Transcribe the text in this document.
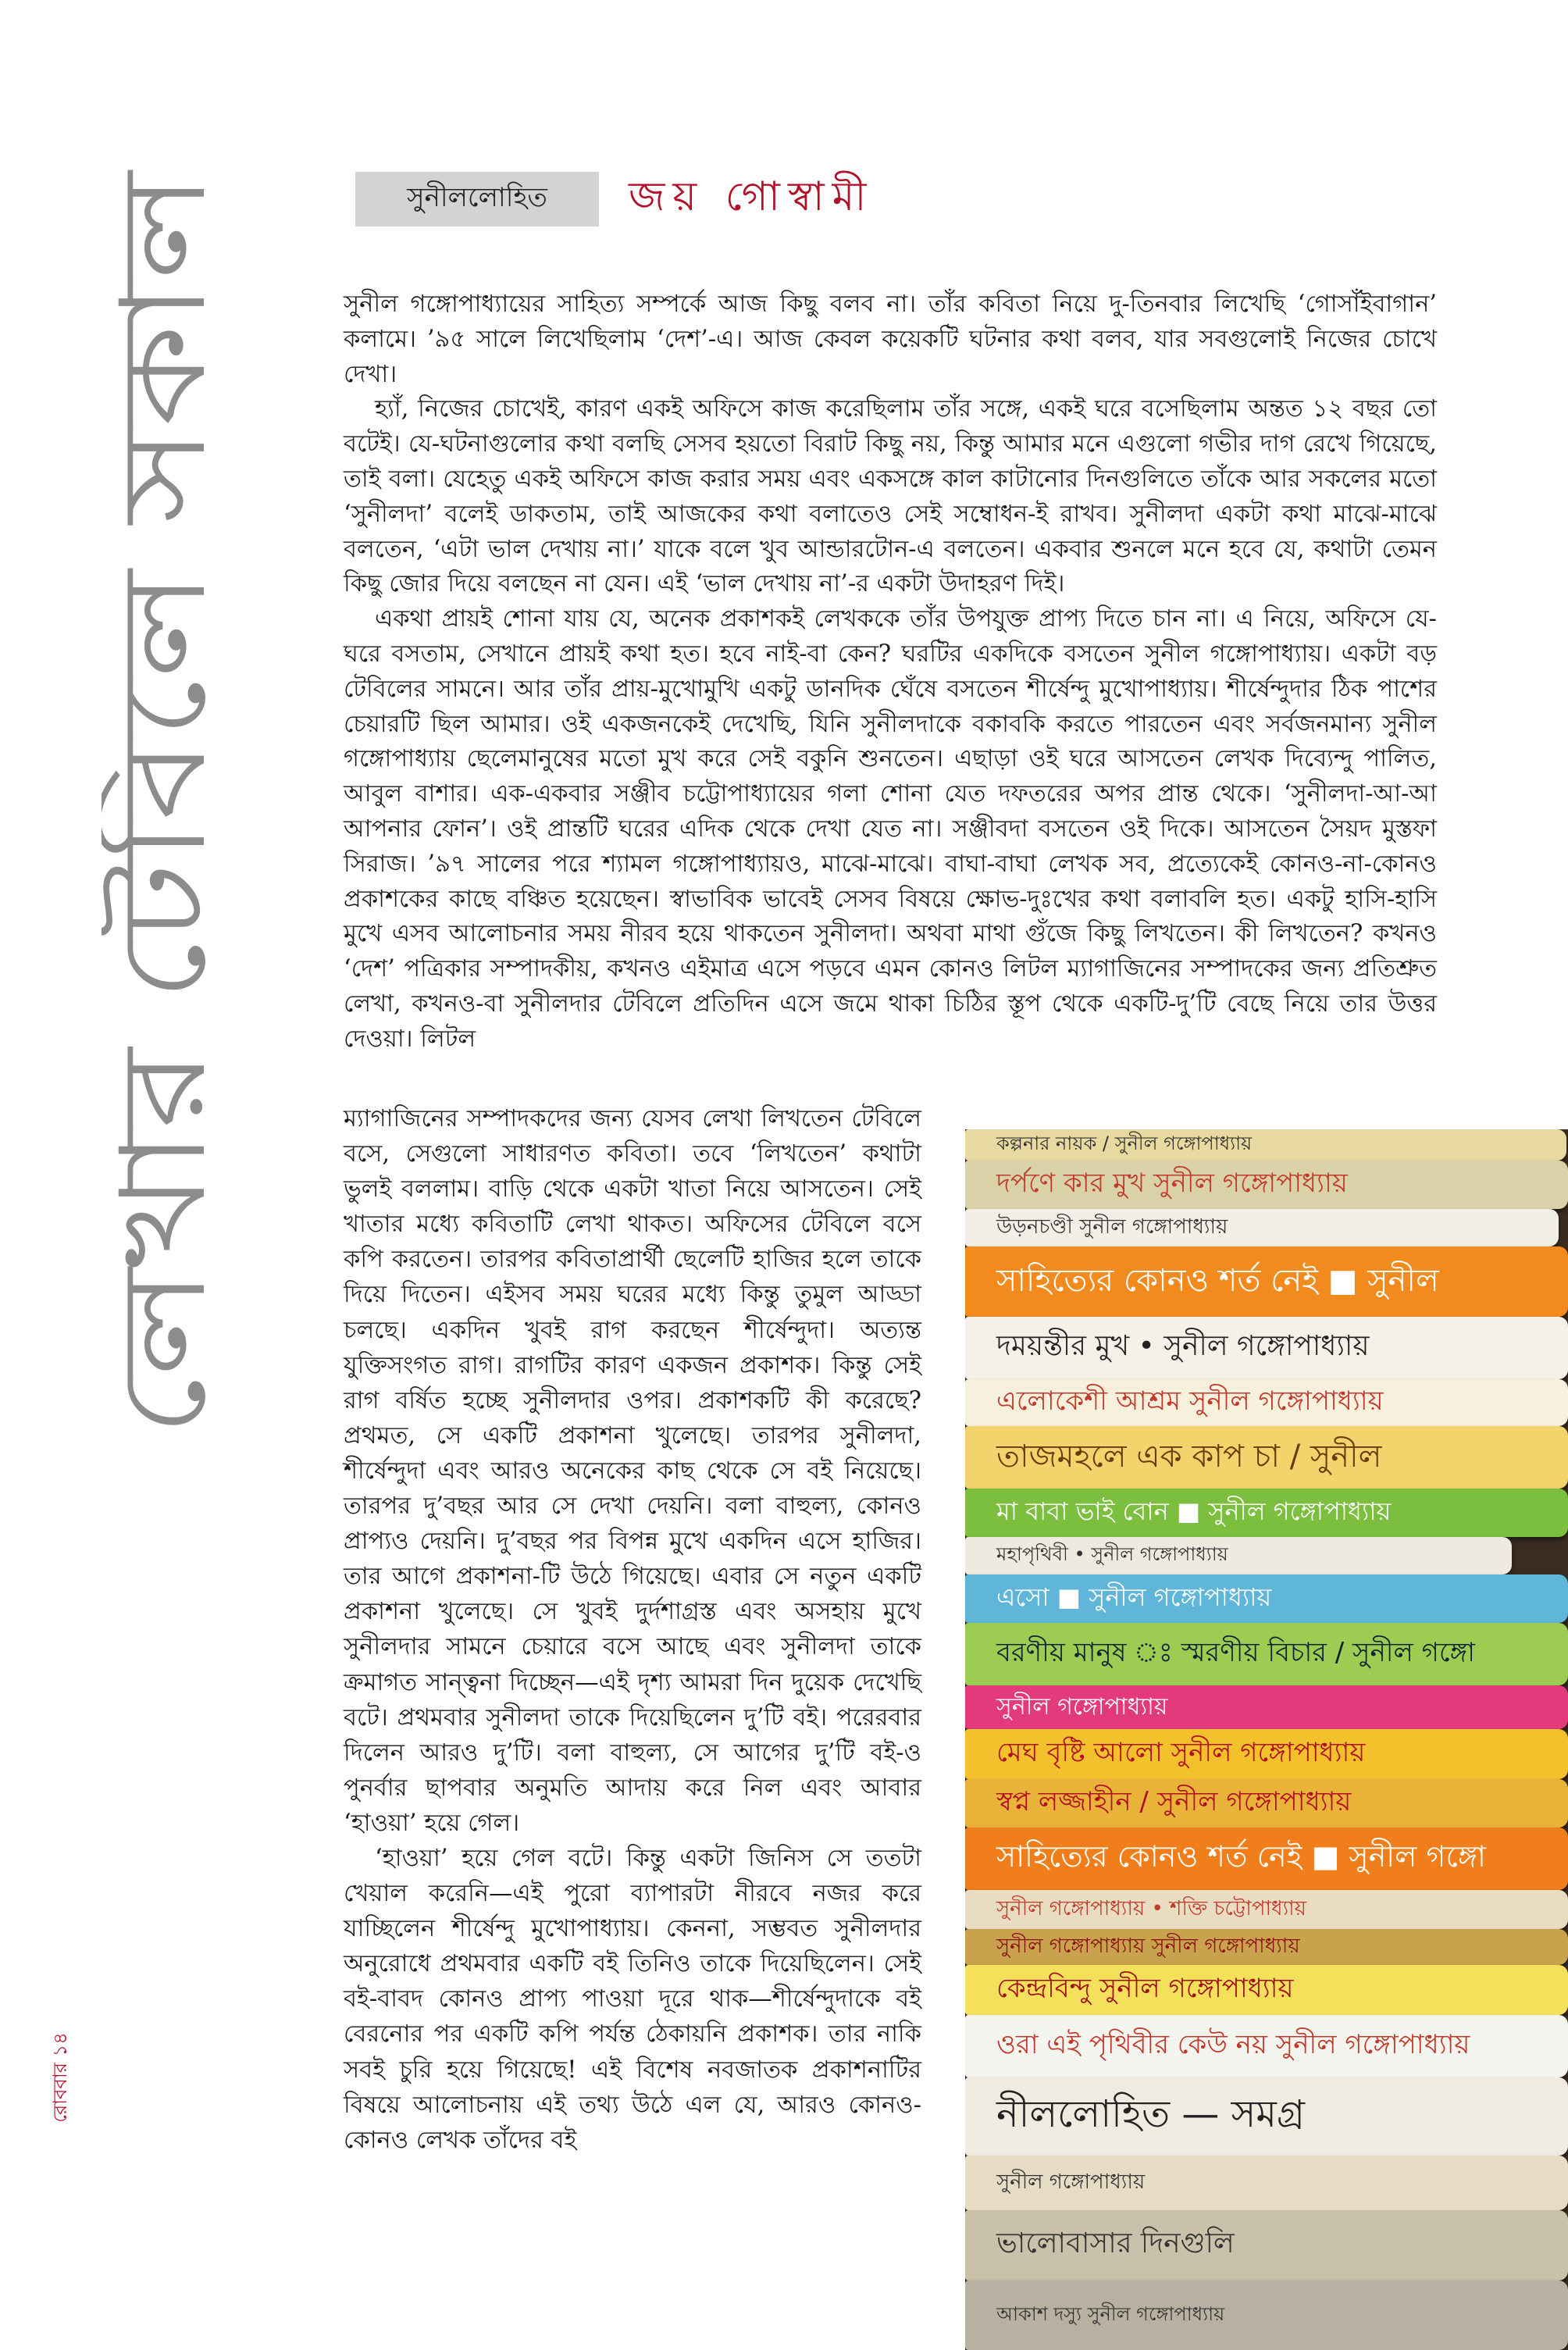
লেখার টেবিলে সকাল
সুনীললোহিত জয় গোস্বামী

সুনীল গঙ্গোপাধ্যায়ের সাহিত্য সম্পর্কে আজ কিছু বলব না। তাঁর কবিতা নিয়ে দু-তিনবার লিখেছি ‘গোসাঁইবাগান’ কলামে। ’৯৫ সালে লিখেছিলাম ‘দেশ’-এ। আজ কেবল কয়েকটি ঘটনার কথা বলব, যার সবগুলোই নিজের চোখে দেখা।

হ্যাঁ, নিজের চোখেই, কারণ একই অফিসে কাজ করেছিলাম তাঁর সঙ্গে, একই ঘরে বসেছিলাম অন্তত ১২ বছর তো বটেই। যে-ঘটনাগুলোর কথা বলছি সেসব হয়তো বিরাট কিছু নয়, কিন্তু আমার মনে এগুলো গভীর দাগ রেখে গিয়েছে, তাই বলা। যেহেতু একই অফিসে কাজ করার সময় এবং একসঙ্গে কাল কাটানোর দিনগুলিতে তাঁকে আর সকলের মতো ‘সুনীলদা’ বলেই ডাকতাম, তাই আজকের কথা বলাতেও সেই সম্বোধন-ই রাখব। সুনীলদা একটা কথা মাঝে-মাঝে বলতেন, ‘এটা ভাল দেখায় না।’ যাকে বলে খুব আন্ডারটোন-এ বলতেন। একবার শুনলে মনে হবে যে, কথাটা তেমন কিছু জোর দিয়ে বলছেন না যেন। এই ‘ভাল দেখায় না’-র একটা উদাহরণ দিই।

একথা প্রায়ই শোনা যায় যে, অনেক প্রকাশকই লেখককে তাঁর উপযুক্ত প্রাপ্য দিতে চান না। এ নিয়ে, অফিসে যে-ঘরে বসতাম, সেখানে প্রায়ই কথা হত। হবে নাই-বা কেন? ঘরটির একদিকে বসতেন সুনীল গঙ্গোপাধ্যায়। একটা বড় টেবিলের সামনে। আর তাঁর প্রায়-মুখোমুখি একটু ডানদিক ঘেঁষে বসতেন শীর্ষেন্দু মুখোপাধ্যায়। শীর্ষেন্দুদার ঠিক পাশের চেয়ারটি ছিল আমার। ওই একজনকেই দেখেছি, যিনি সুনীলদাকে বকাবকি করতে পারতেন এবং সর্বজনমান্য সুনীল গঙ্গোপাধ্যায় ছেলেমানুষের মতো মুখ করে সেই বকুনি শুনতেন। এছাড়া ওই ঘরে আসতেন লেখক দিব্যেন্দু পালিত, আবুল বাশার। এক-একবার সঞ্জীব চট্টোপাধ্যায়ের গলা শোনা যেত দফতরের অপর প্রান্ত থেকে। ‘সুনীলদা-আ-আ আপনার ফোন’। ওই প্রান্তটি ঘরের এদিক থেকে দেখা যেত না। সঞ্জীবদা বসতেন ওই দিকে। আসতেন সৈয়দ মুস্তফা সিরাজ। ’৯৭ সালের পরে শ্যামল গঙ্গোপাধ্যায়ও, মাঝে-মাঝে। বাঘা-বাঘা লেখক সব, প্রত্যেকেই কোনও-না-কোনও প্রকাশকের কাছে বঞ্চিত হয়েছেন। স্বাভাবিক ভাবেই সেসব বিষয়ে ক্ষোভ-দুঃখের কথা বলাবলি হত। একটু হাসি-হাসি মুখে এসব আলোচনার সময় নীরব হয়ে থাকতেন সুনীলদা। অথবা মাথা গুঁজে কিছু লিখতেন। কী লিখতেন? কখনও ‘দেশ’ পত্রিকার সম্পাদকীয়, কখনও এইমাত্র এসে পড়বে এমন কোনও লিটল ম্যাগাজিনের সম্পাদকের জন্য প্রতিশ্রুত লেখা, কখনও-বা সুনীলদার টেবিলে প্রতিদিন এসে জমে থাকা চিঠির স্তূপ থেকে একটি-দু’টি বেছে নিয়ে তার উত্তর দেওয়া। লিটল

ম্যাগাজিনের সম্পাদকদের জন্য যেসব লেখা লিখতেন টেবিলে বসে, সেগুলো সাধারণত কবিতা। তবে ‘লিখতেন’ কথাটা ভুলই বললাম। বাড়ি থেকে একটা খাতা নিয়ে আসতেন। সেই খাতার মধ্যে কবিতাটি লেখা থাকত। অফিসের টেবিলে বসে কপি করতেন। তারপর কবিতাপ্রার্থী ছেলেটি হাজির হলে তাকে দিয়ে দিতেন। এইসব সময় ঘরের মধ্যে কিন্তু তুমুল আড্ডা চলছে। একদিন খুবই রাগ করছেন শীর্ষেন্দুদা। অত্যন্ত যুক্তিসংগত রাগ। রাগটির কারণ একজন প্রকাশক। কিন্তু সেই রাগ বর্ষিত হচ্ছে সুনীলদার ওপর। প্রকাশকটি কী করেছে? প্রথমত, সে একটি প্রকাশনা খুলেছে। তারপর সুনীলদা, শীর্ষেন্দুদা এবং আরও অনেকের কাছ থেকে সে বই নিয়েছে। তারপর দু’বছর আর সে দেখা দেয়নি। বলা বাহুল্য, কোনও প্রাপ্যও দেয়নি। দু’বছর পর বিপন্ন মুখে একদিন এসে হাজির। তার আগে প্রকাশনা-টি উঠে গিয়েছে। এবার সে নতুন একটি প্রকাশনা খুলেছে। সে খুবই দুর্দশাগ্রস্ত এবং অসহায় মুখে সুনীলদার সামনে চেয়ারে বসে আছে এবং সুনীলদা তাকে ক্রমাগত সান্ত্বনা দিচ্ছেন—এই দৃশ্য আমরা দিন দুয়েক দেখেছি বটে। প্রথমবার সুনীলদা তাকে দিয়েছিলেন দু’টি বই। পরেরবার দিলেন আরও দু’টি। বলা বাহুল্য, সে আগের দু’টি বই-ও পুনর্বার ছাপবার অনুমতি আদায় করে নিল এবং আবার ‘হাওয়া’ হয়ে গেল।

‘হাওয়া’ হয়ে গেল বটে। কিন্তু একটা জিনিস সে ততটা খেয়াল করেনি—এই পুরো ব্যাপারটা নীরবে নজর করে যাচ্ছিলেন শীর্ষেন্দু মুখোপাধ্যায়। কেননা, সম্ভবত সুনীলদার অনুরোধে প্রথমবার একটি বই তিনিও তাকে দিয়েছিলেন। সেই বই-বাবদ কোনও প্রাপ্য পাওয়া দূরে থাক—শীর্ষেন্দুদাকে বই বেরনোর পর একটি কপি পর্যন্ত ঠেকায়নি প্রকাশক। তার নাকি সবই চুরি হয়ে গিয়েছে! এই বিশেষ নবজাতক প্রকাশনাটির বিষয়ে আলোচনায় এই তথ্য উঠে এল যে, আরও কোনও-কোনও লেখক তাঁদের বই

কল্পনার নায়ক / সুনীল গঙ্গোপাধ্যায়
দর্পণে কার মুখ সুনীল গঙ্গোপাধ্যায়
উড়নচণ্ডী সুনীল গঙ্গোপাধ্যায়
সাহিত্যের কোনও শর্ত নেই ■ সুনীল
দময়ন্তীর মুখ • সুনীল গঙ্গোপাধ্যায়
এলোকেশী আশ্রম সুনীল গঙ্গোপাধ্যায়
তাজমহলে এক কাপ চা / সুনীল
মা বাবা ভাই বোন ■ সুনীল গঙ্গোপাধ্যায়
মহাপৃথিবী • সুনীল গঙ্গোপাধ্যায়
এসো ■ সুনীল গঙ্গোপাধ্যায়
বরণীয় মানুষ ঃ স্মরণীয় বিচার / সুনীল গঙ্গো
সুনীল গঙ্গোপাধ্যায়
মেঘ বৃষ্টি আলো সুনীল গঙ্গোপাধ্যায়
স্বপ্ন লজ্জাহীন / সুনীল গঙ্গোপাধ্যায়
সাহিত্যের কোনও শর্ত নেই ■ সুনীল গঙ্গো
সুনীল গঙ্গোপাধ্যায় • শক্তি চট্টোপাধ্যায়
সুনীল গঙ্গোপাধ্যায় সুনীল গঙ্গোপাধ্যায়
কেন্দ্রবিন্দু সুনীল গঙ্গোপাধ্যায়
ওরা এই পৃথিবীর কেউ নয় সুনীল গঙ্গোপাধ্যায়
নীললোহিত — সমগ্র
সুনীল গঙ্গোপাধ্যায়
ভালোবাসার দিনগুলি
আকাশ দস্যু সুনীল গঙ্গোপাধ্যায়
রোববার ১৪
